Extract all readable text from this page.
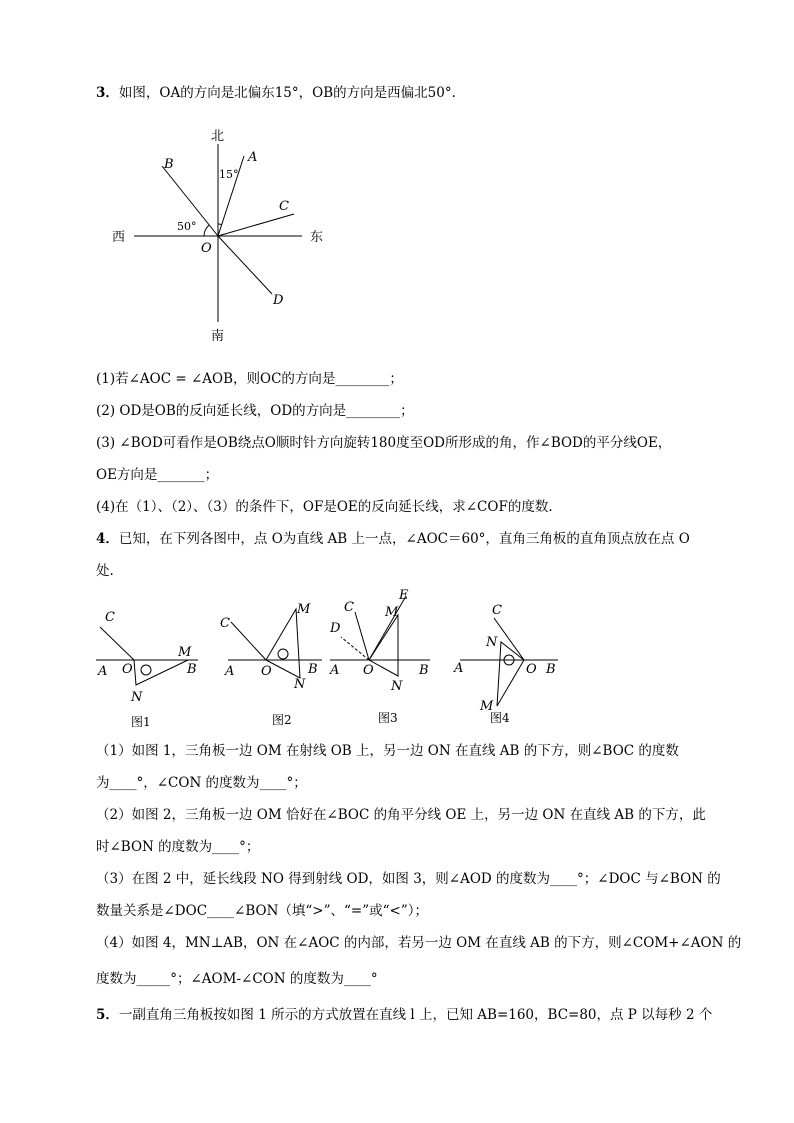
3．如图，OA的方向是北偏东15°，OB的方向是西偏北50°.
北
南
西	东
B	A
C
D
O
15°
50°
(1)若∠AOC = ∠AOB，则OC的方向是________；
(2) OD是OB的反向延长线，OD的方向是________；
(3) ∠BOD可看作是OB绕点O顺时针方向旋转180度至OD所形成的角，作∠BOD的平分线OE，
OE方向是_______；
(4)在（1）、（2）、（3）的条件下，OF是OE的反向延长线，求∠COF的度数.
4．已知，在下列各图中，点 O为直线 AB 上一点，∠AOC＝60°，直角三角板的直角顶点放在点 O
处.
C
A O
M
B
N
图1
C
A O
M
B
N
图2
E
C M
D
A O	B
N
图3
C
N
A	O B
M
图4
（1）如图 1，三角板一边 OM 在射线 OB 上，另一边 ON 在直线 AB 的下方，则∠BOC 的度数
为____°，∠CON 的度数为____°；
（2）如图 2，三角板一边 OM 恰好在∠BOC 的角平分线 OE 上，另一边 ON 在直线 AB 的下方，此
时∠BON 的度数为____°；
（3）在图 2 中，延长线段 NO 得到射线 OD，如图 3，则∠AOD 的度数为____°；∠DOC 与∠BON 的
数量关系是∠DOC____∠BON（填“>”、“=”或“<”）；
（4）如图 4，MN⊥AB，ON 在∠AOC 的内部，若另一边 OM 在直线 AB 的下方，则∠COM+∠AON 的
度数为_____°；∠AOM-∠CON 的度数为____°
5．一副直角三角板按如图 1 所示的方式放置在直线 l 上，已知 AB=160，BC=80，点 P 以每秒 2 个
